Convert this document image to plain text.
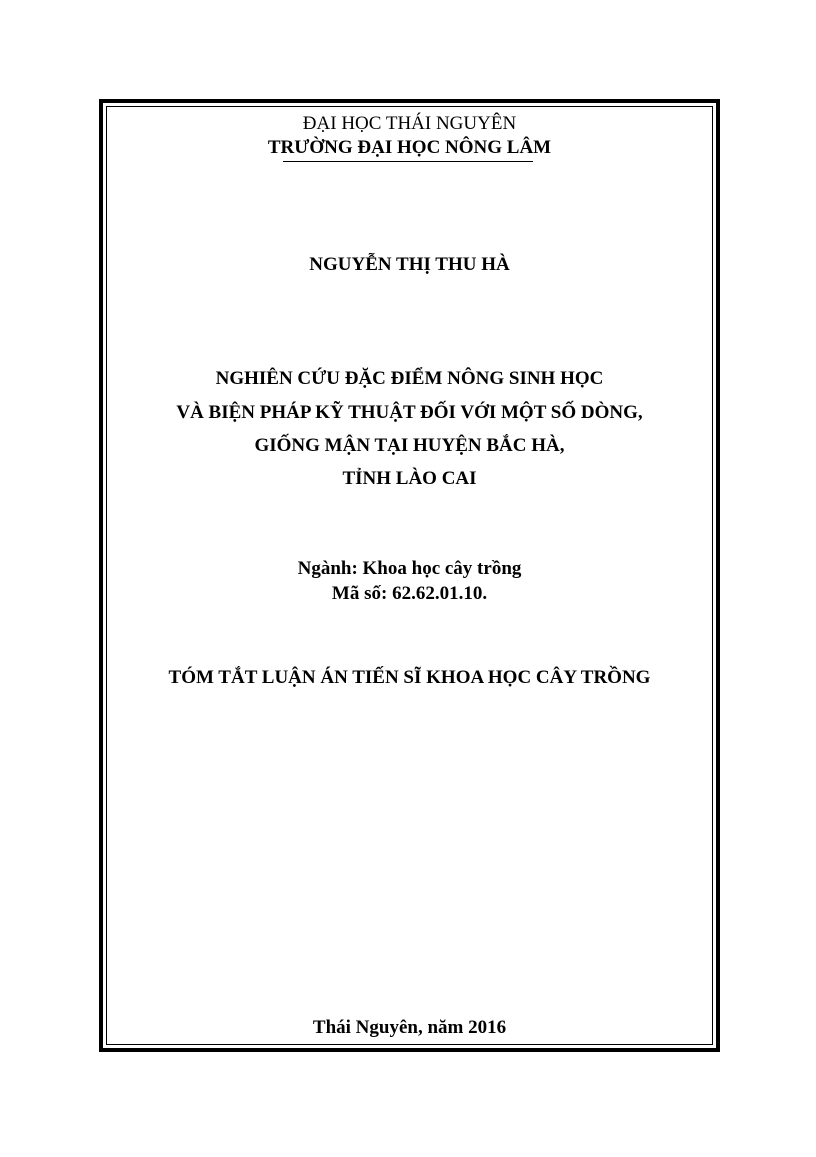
ĐẠI HỌC THÁI NGUYÊN
TRƯỜNG ĐẠI HỌC NÔNG LÂM
NGUYỄN THỊ THU HÀ
NGHIÊN CỨU ĐẶC ĐIỂM NÔNG SINH HỌC
VÀ BIỆN PHÁP KỸ THUẬT ĐỐI VỚI MỘT SỐ DÒNG,
GIỐNG MẬN TẠI HUYỆN BẮC HÀ,
TỈNH LÀO CAI
Ngành: Khoa học cây trồng
Mã số: 62.62.01.10.
TÓM TẮT LUẬN ÁN TIẾN SĨ KHOA HỌC CÂY TRỒNG
Thái Nguyên, năm 2016
